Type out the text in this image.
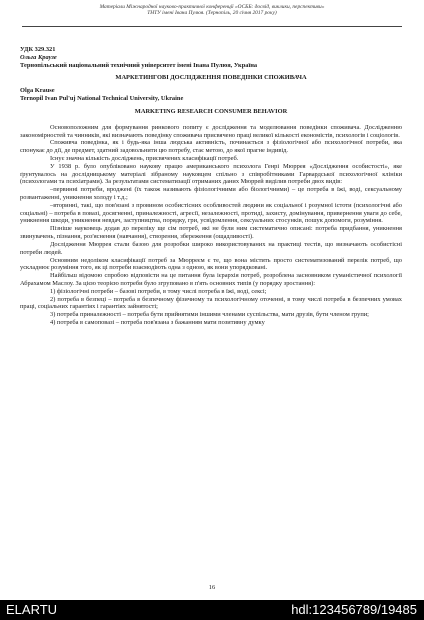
Матеріали Міжнародної науково-практичної конференції «ОСББ: досвід, виклики, перспективи»
ТНТУ імені Івана Пулюя. (Тернопіль, 20 січня 2017 року)

УДК 329.321

Ольга Краузе

Тернопільський національний технічний університет імені Івана Пулюя, Україна

МАРКЕТИНГОВІ ДОСЛІДЖЕННЯ ПОВЕДІНКИ СПОЖИВАЧА

Olga Krause

Ternopil Ivan Pul'uj National Technical University, Ukraine

MARKETING RESEARCH CONSUMER BEHAVIOR

Основоположним для формування ринкового попиту є дослідження та моделювання поведінки споживача. Дослідженню закономірностей та чинників, які визначають поведінку споживача присвячено праці великої кількості економістів, психологів і соціологів.

Споживча поведінка, як і будь-яка інша людська активність, починається з фізіологічної або психологічної потреби, яка спонукає до дії, де предмет, здатний задовольнити цю потребу, стає метою, до якої прагне індивід.

Існує значна кількість досліджень, присвячених класифікації потреб.

У 1938 р. було опубліковано наукову працю американського психолога Генрі Мюррея «Дослідження особистості», яке ґрунтувалось на дослідницькому матеріалі зібраному науковцем спільно з співробітниками Гарвардської психологічної клініки (психологами та психіатрами). За результатами систематизації отриманих даних Мюррей виділив потреби двох видів:

–первинні потреби, вроджені (їх також називають фізіологічними або біологічними) – це потреба в їжі, воді, сексуальному розвантаженні, уникнення холоду і т.д.;

–вторинні, такі, що пов'язані з провином особистісних особливостей людини як соціальної і розумної істоти (психологічні або соціальні) – потреба в повазі, досягненні, приналежності, агресії, незалежності, протиді, захисту, домінування, привернення уваги до себе, уникнення шкоди, уникнення невдач, заступництва, порядку, гри, усвідомлення, сексуальних стосунків, пошук допомоги, розуміння.

Пізніше науковець додав до переліку ще сім потреб, які не були ним систематично описані: потреба придбання, уникнення звинувачень, пізнання, роз'яснення (навчання), створення, збереження (ощадливості).

Дослідження Мюррея стали базою для розробки широко використовуваних на практиці тестів, що визначають особистісні потреби людей.

Основним недоліком класифікації потреб за Мюрреєм є те, що вона містить просто систематизований перелік потреб, що ускладнює розуміння того, як ці потреби взаємодіють одна з одною, як вони упорядковані.

Найбільш відомою спробою відповісти на це питання була ієрархія потреб, розроблена засновником гуманістичної психології Абрахамом Маслоу. За цією теорією потреби було згруповано в п'ять основних типів (у порядку зростання):

1) фізіологічні потреби – базові потреби, в тому числі потреба в їжі, воді, сексі;

2) потреба в безпеці – потреба в безпечному фізичному та психологічному оточенні, в тому числі потреба в безпечних умовах праці, соціальних гарантіях і гарантіях зайнятості;

3) потреба приналежності – потреба бути прийнятими іншими членами суспільства, мати друзів, бути членом групи;

4) потреба в самоповазі – потреба пов'язана з бажанням мати позитивну думку

16
ELARTU	hdl:123456789/19485
